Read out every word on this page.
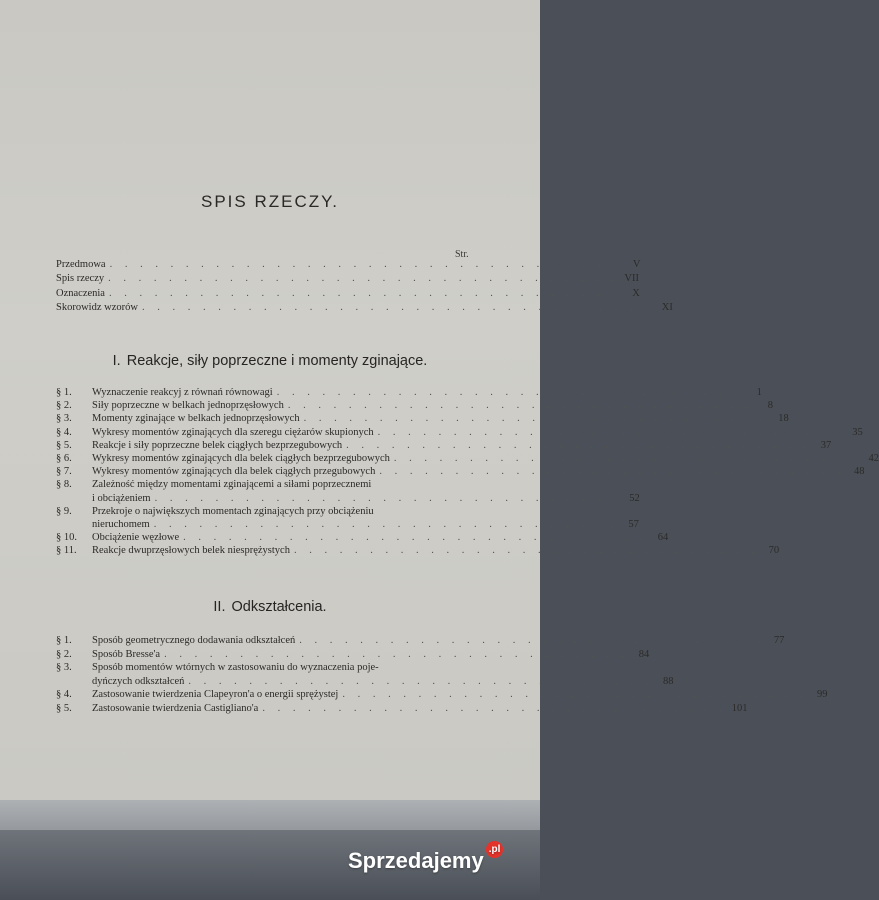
SPIS RZECZY.
Str.
Przedmowa . . . . . . . . . . . . . . . . . . . . . . . . . . . . . . . . . .	V
Spis rzeczy . . . . . . . . . . . . . . . . . . . . . . . . . . . . . . . . . . VII
Oznaczenia . . . . . . . . . . . . . . . . . . . . . . . . . . . . . . . . . .	X
Skorowidz wzorów . . . . . . . . . . . . . . . . . . . . . . . . . . . . . . . . . . XI
I. Reakcje, siły poprzeczne i momenty zginające.
§ 1.	Wyznaczenie reakcyj z równań równowagi . . . . . . . . . . . . . . . . . . . . . . . . . . . . . . .	1
§ 2.	Siły poprzeczne w belkach jednoprzęsłowych . . . . . . . . . . . . . . . . . . . . . . . . . . . . . . .	8
§ 3.	Momenty zginające w belkach jednoprzęsłowych . . . . . . . . . . . . . . . . . . . . . . . . . . . . . . . 18
§ 4.	Wykresy momentów zginających dla szeregu ciężarów skupionych . . . . . . . . . . . . . . . . . . . . . . . . . . . . . . . 35
§ 5.	Reakcje i siły poprzeczne belek ciągłych bezprzegubowych . . . . . . . . . . . . . . . . . . . . . . . . . . . . . . . 37
§ 6.	Wykresy momentów zginających dla belek ciągłych bezprzegubowych . . . . . . . . . . . . . . . . . . . . . . . . . . . . . . . 42
§ 7.	Wykresy momentów zginających dla belek ciągłych przegubowych . . . . . . . . . . . . . . . . . . . . . . . . . . . . . . . 48
§ 8.	Zależność między momentami zginającemi a siłami poprzecznemi
i obciążeniem . . . . . . . . . . . . . . . . . . . . . . . . . . . . . . . 52
§ 9.	Przekroje o największych momentach zginających przy obciążeniu
nieruchomem . . . . . . . . . . . . . . . . . . . . . . . . . . . . . . . 57
§ 10.	Obciążenie węzłowe . . . . . . . . . . . . . . . . . . . . . . . . . . . . . . . 64
§ 11.	Reakcje dwuprzęsłowych belek niesprężystych . . . . . . . . . . . . . . . . . . . . . . . . . . . . . . . 70
II. Odkształcenia.
§ 1.	Sposób geometrycznego dodawania odkształceń . . . . . . . . . . . . . . . . . . . . . . . . . . . . . . . 77
§ 2.	Sposób Bresse'a . . . . . . . . . . . . . . . . . . . . . . . . . . . . . . . 84
§ 3.	Sposób momentów wtórnych w zastosowaniu do wyznaczenia poje-
dyńczych odkształceń . . . . . . . . . . . . . . . . . . . . . . . . . . . . . . . 88
§ 4.	Zastosowanie twierdzenia Clapeyron'a o energii sprężystej . . . . . . . . . . . . . . . . . . . . . . . . . . . . . . . 99
§ 5.	Zastosowanie twierdzenia Castigliano'a . . . . . . . . . . . . . . . . . . . . . . . . . . . . . . . 101
Sprzedajemy $^{.pl}$
